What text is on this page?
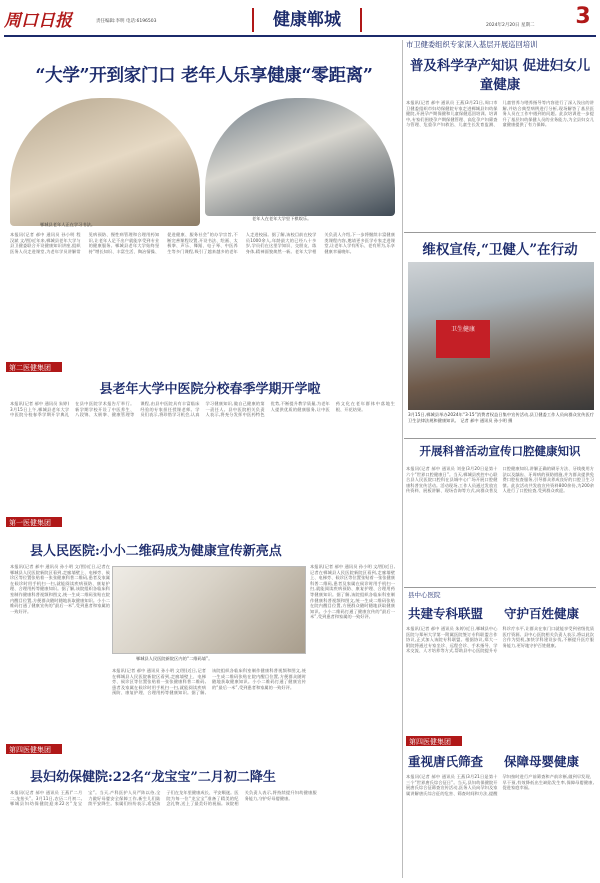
周口日报	责任编辑:李明 电话:6196503	健康郸城	2024年2月20日 星期二	3
“大学”开到家门口 老年人乐享健康“零距离”
郸城县老年人正在学习书法。
老年人在老年大学里下棋娱乐。
本报讯(记者 郝中 通讯员 孙小明 程汉斌 文/图)近年来,郸城县老年大学与县卫健委联合开设健康知识讲座,组织医务人员走进课堂,为老年学员讲解常见病预防、慢性病管理和合理用药知识,让老年人足不出户就能享受到专业的健康服务。郸城县老年大学始终坚持“增长知识、丰富生活、陶冶情操、促进健康、服务社会”的办学宗旨,不断完善课程设置,开设书法、绘画、太极拳、声乐、舞蹈、电子琴、中医养生等多门课程,吸引了越来越多的老年人走进校园。据了解,该校目前在校学员1000余人,年龄最大的已经八十多岁,学员们在这里学知识、交朋友、练身体,精神面貌焕然一新。老年大学相关负责人介绍,下一步将继续丰富健康类课程内容,邀请更多医学专家走进课堂,让老年人学有所乐、老有所为,乐享健康幸福晚年。
第二医健集团
县老年大学中医院分校春季学期开学啦
本报讯(记者 郝中 通讯员 朱婷)3月15日上午,郸城县老年大学中医院分校春季学期开学典礼在县中医院学术报告厅举行。新学期学校开设了中医养生、八段锦、太极拳、健康管理等课程,由县中医院具有丰富临床经验的专家担任授课老师。学员们表示,将珍惜学习机会,认真学习健康知识,做自己健康的第一责任人。县中医院相关负责人表示,将充分发挥中医药特色优势,不断提升教学质量,为老年人提供优质的健康服务,让中医药文化在老年群体中落地生根、开花结果。
第一医健集团
县人民医院:小小二维码成为健康宣传新亮点
本报讯(记者 郝中 通讯员 孙小明 文/图)近日,记者在郸城县人民医院新院区看到,走廊墙壁上、电梯旁、候诊区等位置张贴着一张张健康科普二维码,患者及家属在候诊时用手机扫一扫,就能阅读疾病预防、康复护理、合理用药等健康知识。据了解,该院组织各临床科室制作健康科普视频和图文,统一生成二维码张贴在院内醒目位置,方便群众随时随地获取健康知识。小小二维码打通了健康宣传的“最后一米”,受到患者和家属的一致好评。
郸城县人民医院新院区内的“二维码墙”。
本报讯(记者 郝中 通讯员 孙小明 文/图)近日,记者在郸城县人民医院新院区看到,走廊墙壁上、电梯旁、候诊区等位置张贴着一张张健康科普二维码,患者及家属在候诊时用手机扫一扫,就能阅读疾病预防、康复护理、合理用药等健康知识。据了解,该院组织各临床科室制作健康科普视频和图文,统一生成二维码张贴在院内醒目位置,方便群众随时随地获取健康知识。小小二维码打通了健康宣传的“最后一米”,受到患者和家属的一致好评。
本报讯(记者 郝中 通讯员 孙小明 文/图)近日,记者在郸城县人民医院新院区看到,走廊墙壁上、电梯旁、候诊区等位置张贴着一张张健康科普二维码,患者及家属在候诊时用手机扫一扫,就能阅读疾病预防、康复护理、合理用药等健康知识。据了解,该院组织各临床科室制作健康科普视频和图文,统一生成二维码张贴在院内醒目位置,方便群众随时随地获取健康知识。小小二维码打通了健康宣传的“最后一米”,受到患者和家属的一致好评。
第四医健集团
县妇幼保健院:22名“龙宝宝”二月初二降生
本报讯(记者 郝中 通讯员 王燕)“二月二,龙抬头”。3月11日,农历二月初二,郸城县妇幼保健院迎来22名“龙宝宝”。当天,产科医护人员严阵以待,全力做好母婴安全保障工作,新生儿们陆续平安降生。家属们纷纷表示,希望孩子们在龙年里健康成长、平安顺遂。医院为每一位“龙宝宝”准备了精美的纪念礼物,送上了最美好的祝福。该院相关负责人表示,将持续提升妇幼健康服务能力,守护好母婴健康。
市卫健委组织专家深入基层开展巡回培训
普及科学孕产知识 促进妇女儿童健康
本报讯(记者 郝中 通讯员 王燕)3月21日,周口市卫健委组织市妇幼保健院专家走进郸城县妇幼保健院,开展孕产期保健和儿童保健巡回培训。培训中,专家们围绕孕产期保健管理、高危孕产妇筛查与管理、危重孕产妇救治、儿童生长发育监测、儿童营养与喂养指导等内容进行了深入浅出的讲解,并结合典型病例进行分析,现场解答了基层医务人员在工作中遇到的问题。此次培训进一步提升了基层妇幼保健人员的业务能力,为全县妇女儿童健康提供了有力保障。
维权宣传,“卫健人”在行动
卫生健康
3月15日,郸城县举办2024年“3·15”消费者权益日集中宣传活动,县卫健委工作人员向群众宣传医疗卫生法律法规和健康知识。 记者 郝中 通讯员 孙小明 摄
开展科普活动宣传口腔健康知识
本报讯(记者 郝中 通讯员 刘金)3月20日是第十六个“世界口腔健康日”。当天,郸城县疾控中心联合县人民医院口腔科在县城中心广场开展口腔健康科普宣传活动。活动现场,工作人员通过发放宣传资料、展板讲解、现场咨询等方式,向群众普及口腔健康知识,讲解正确的刷牙方法、牙线使用方法以及龋齿、牙周病的预防措施,并为群众提供免费口腔检查服务,引导群众养成良好的口腔卫生习惯。此次活动共发放宣传资料800余份,为200余人进行了口腔检查,受到群众欢迎。
县中心医院
共建专科联盟	守护百姓健康
本报讯(记者 郝中 通讯员 朱婷)近日,郸城县中心医院与郑州大学第一附属医院签订专科联盟合作协议,正式加入该院专科联盟。根据协议,郑大一附院将通过专家坐诊、远程会诊、手术指导、学术交流、人才培养等方式,帮助县中心医院提升专科诊疗水平,让群众在家门口就能享受到省级优质医疗资源。县中心医院相关负责人表示,将以此次合作为契机,加快学科建设步伐,不断提升医疗服务能力,更好地守护百姓健康。
第四医健集团
重视唐氏筛查	保障母婴健康
本报讯(记者 郝中 通讯员 王燕)3月21日是第十三个“世界唐氏综合征日”。当天,县妇幼保健院开展唐氏综合征筛查宣传活动,医务人员向孕妇及家属讲解唐氏综合征的危害、筛查时间和方法,提醒孕妇按时进行产前筛查和产前诊断,做到早发现、早干预,有效降低出生缺陷发生率,保障母婴健康,促进家庭幸福。
